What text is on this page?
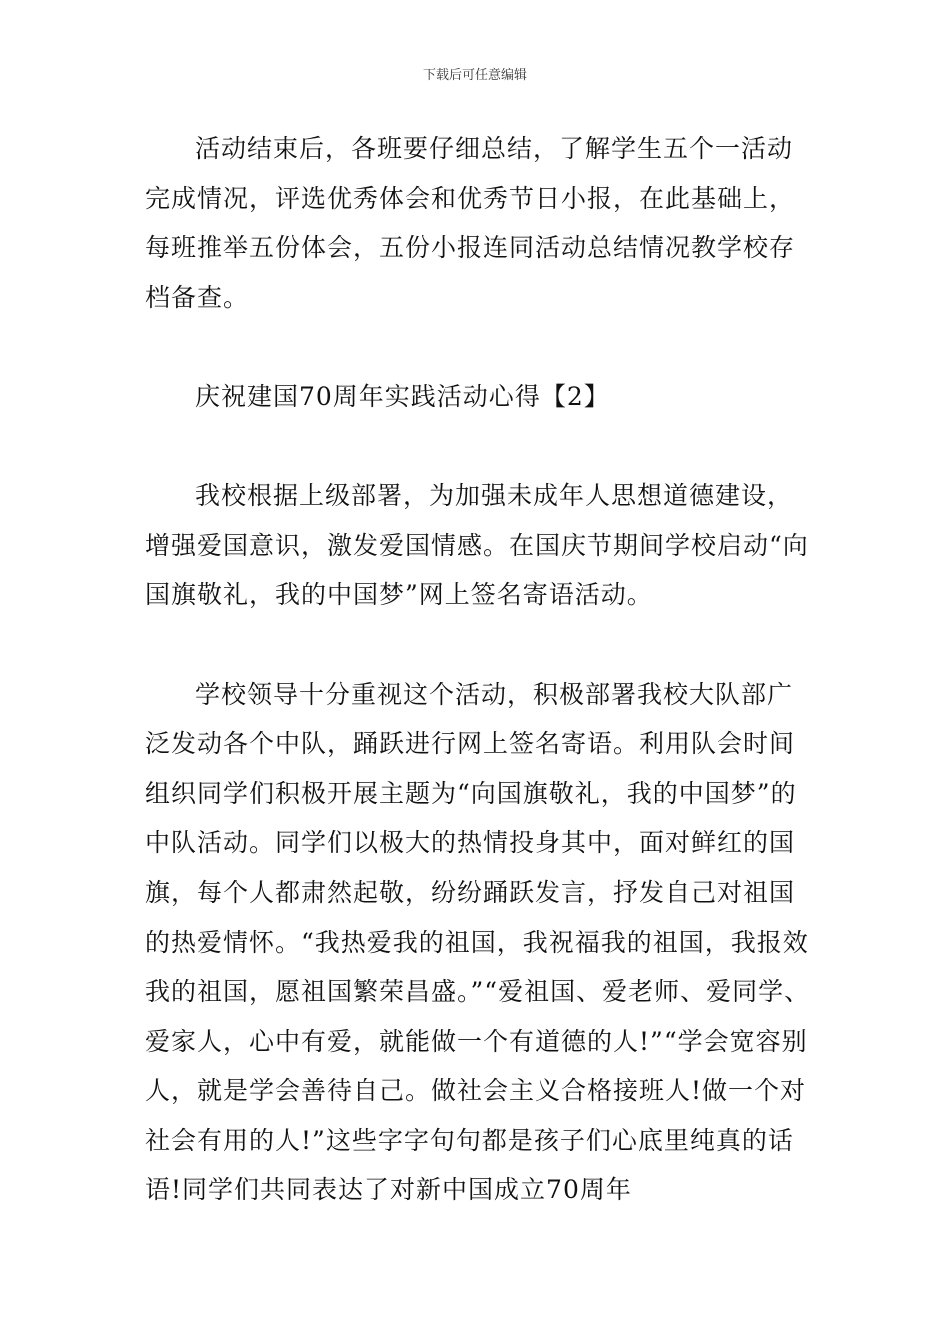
下载后可任意编辑

活动结束后，各班要仔细总结，了解学生五个一活动完成情况，评选优秀体会和优秀节日小报，在此基础上，每班推举五份体会，五份小报连同活动总结情况教学校存档备查。

庆祝建国70周年实践活动心得【2】

我校根据上级部署，为加强未成年人思想道德建设，增强爱国意识，激发爱国情感。在国庆节期间学校启动“向国旗敬礼，我的中国梦”网上签名寄语活动。

学校领导十分重视这个活动，积极部署我校大队部广泛发动各个中队，踊跃进行网上签名寄语。利用队会时间组织同学们积极开展主题为“向国旗敬礼，我的中国梦”的中队活动。同学们以极大的热情投身其中，面对鲜红的国旗，每个人都肃然起敬，纷纷踊跃发言，抒发自己对祖国的热爱情怀。“我热爱我的祖国，我祝福我的祖国，我报效我的祖国，愿祖国繁荣昌盛。”“爱祖国、爱老师、爱同学、爱家人，心中有爱，就能做一个有道德的人!”“学会宽容别人，就是学会善待自己。做社会主义合格接班人!做一个对社会有用的人!”这些字字句句都是孩子们心底里纯真的话语!同学们共同表达了对新中国成立70周年
